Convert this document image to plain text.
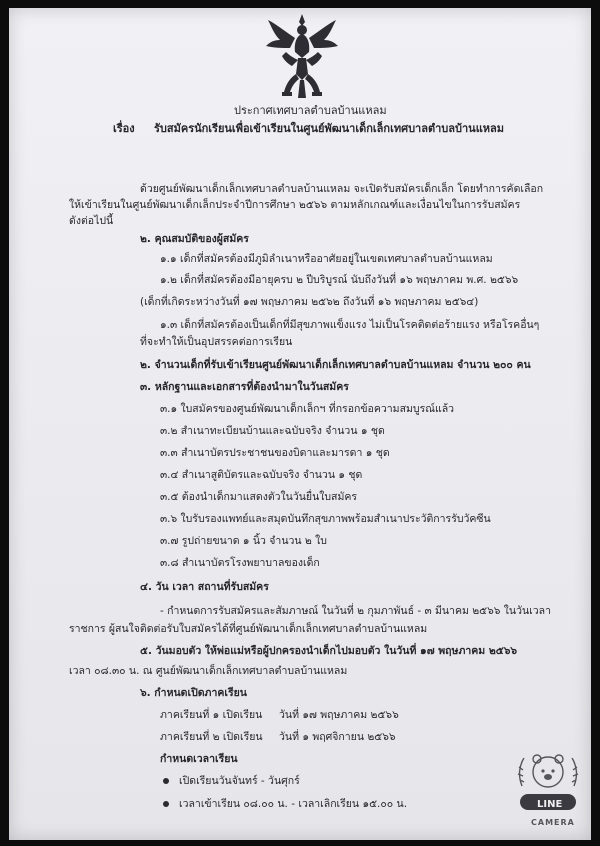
ประกาศเทศบาลตำบลบ้านแหลม
เรื่อง รับสมัครนักเรียนเพื่อเข้าเรียนในศูนย์พัฒนาเด็กเล็กเทศบาลตำบลบ้านแหลม
ด้วยศูนย์พัฒนาเด็กเล็กเทศบาลตำบลบ้านแหลม จะเปิดรับสมัครเด็กเล็ก โดยทำการคัดเลือก
ให้เข้าเรียนในศูนย์พัฒนาเด็กเล็กประจำปีการศึกษา ๒๕๖๖ ตามหลักเกณฑ์และเงื่อนไขในการรับสมัคร
ดังต่อไปนี้
๒. คุณสมบัติของผู้สมัคร
๑.๑ เด็กที่สมัครต้องมีภูมิลำเนาหรืออาศัยอยู่ในเขตเทศบาลตำบลบ้านแหลม
๑.๒ เด็กที่สมัครต้องมีอายุครบ ๒ ปีบริบูรณ์ นับถึงวันที่ ๑๖ พฤษภาคม พ.ศ. ๒๕๖๖
(เด็กที่เกิดระหว่างวันที่ ๑๗ พฤษภาคม ๒๕๖๒ ถึงวันที่ ๑๖ พฤษภาคม ๒๕๖๔)
๑.๓ เด็กที่สมัครต้องเป็นเด็กที่มีสุขภาพแข็งแรง ไม่เป็นโรคติดต่อร้ายแรง หรือโรคอื่นๆ
ที่จะทำให้เป็นอุปสรรคต่อการเรียน
๒. จำนวนเด็กที่รับเข้าเรียนศูนย์พัฒนาเด็กเล็กเทศบาลตำบลบ้านแหลม จำนวน ๒๐๐ คน
๓. หลักฐานและเอกสารที่ต้องนำมาในวันสมัคร
๓.๑ ใบสมัครของศูนย์พัฒนาเด็กเล็กฯ ที่กรอกข้อความสมบูรณ์แล้ว
๓.๒ สำเนาทะเบียนบ้านและฉบับจริง จำนวน ๑ ชุด
๓.๓ สำเนาบัตรประชาชนของบิดาและมารดา ๑ ชุด
๓.๔ สำเนาสูติบัตรและฉบับจริง จำนวน ๑ ชุด
๓.๕ ต้องนำเด็กมาแสดงตัวในวันยื่นใบสมัคร
๓.๖ ใบรับรองแพทย์และสมุดบันทึกสุขภาพพร้อมสำเนาประวัติการรับวัคซีน
๓.๗ รูปถ่ายขนาด ๑ นิ้ว จำนวน ๒ ใบ
๓.๘ สำเนาบัตรโรงพยาบาลของเด็ก
๔. วัน เวลา สถานที่รับสมัคร
- กำหนดการรับสมัครและสัมภาษณ์ ในวันที่ ๒ กุมภาพันธ์ - ๓ มีนาคม ๒๕๖๖ ในวันเวลา
ราชการ ผู้สนใจติดต่อรับใบสมัครได้ที่ศูนย์พัฒนาเด็กเล็กเทศบาลตำบลบ้านแหลม
๕. วันมอบตัว ให้พ่อแม่หรือผู้ปกครองนำเด็กไปมอบตัว ในวันที่ ๑๗ พฤษภาคม ๒๕๖๖
เวลา ๐๘.๓๐ น. ณ ศูนย์พัฒนาเด็กเล็กเทศบาลตำบลบ้านแหลม
๖. กำหนดเปิดภาคเรียน
ภาคเรียนที่ ๑ เปิดเรียน วันที่ ๑๗ พฤษภาคม ๒๕๖๖
ภาคเรียนที่ ๒ เปิดเรียน วันที่ ๑ พฤศจิกายน ๒๕๖๖
กำหนดเวลาเรียน
เปิดเรียนวันจันทร์ - วันศุกร์
เวลาเข้าเรียน ๐๘.๐๐ น. - เวลาเลิกเรียน ๑๕.๐๐ น.	LINE
CAMERA
